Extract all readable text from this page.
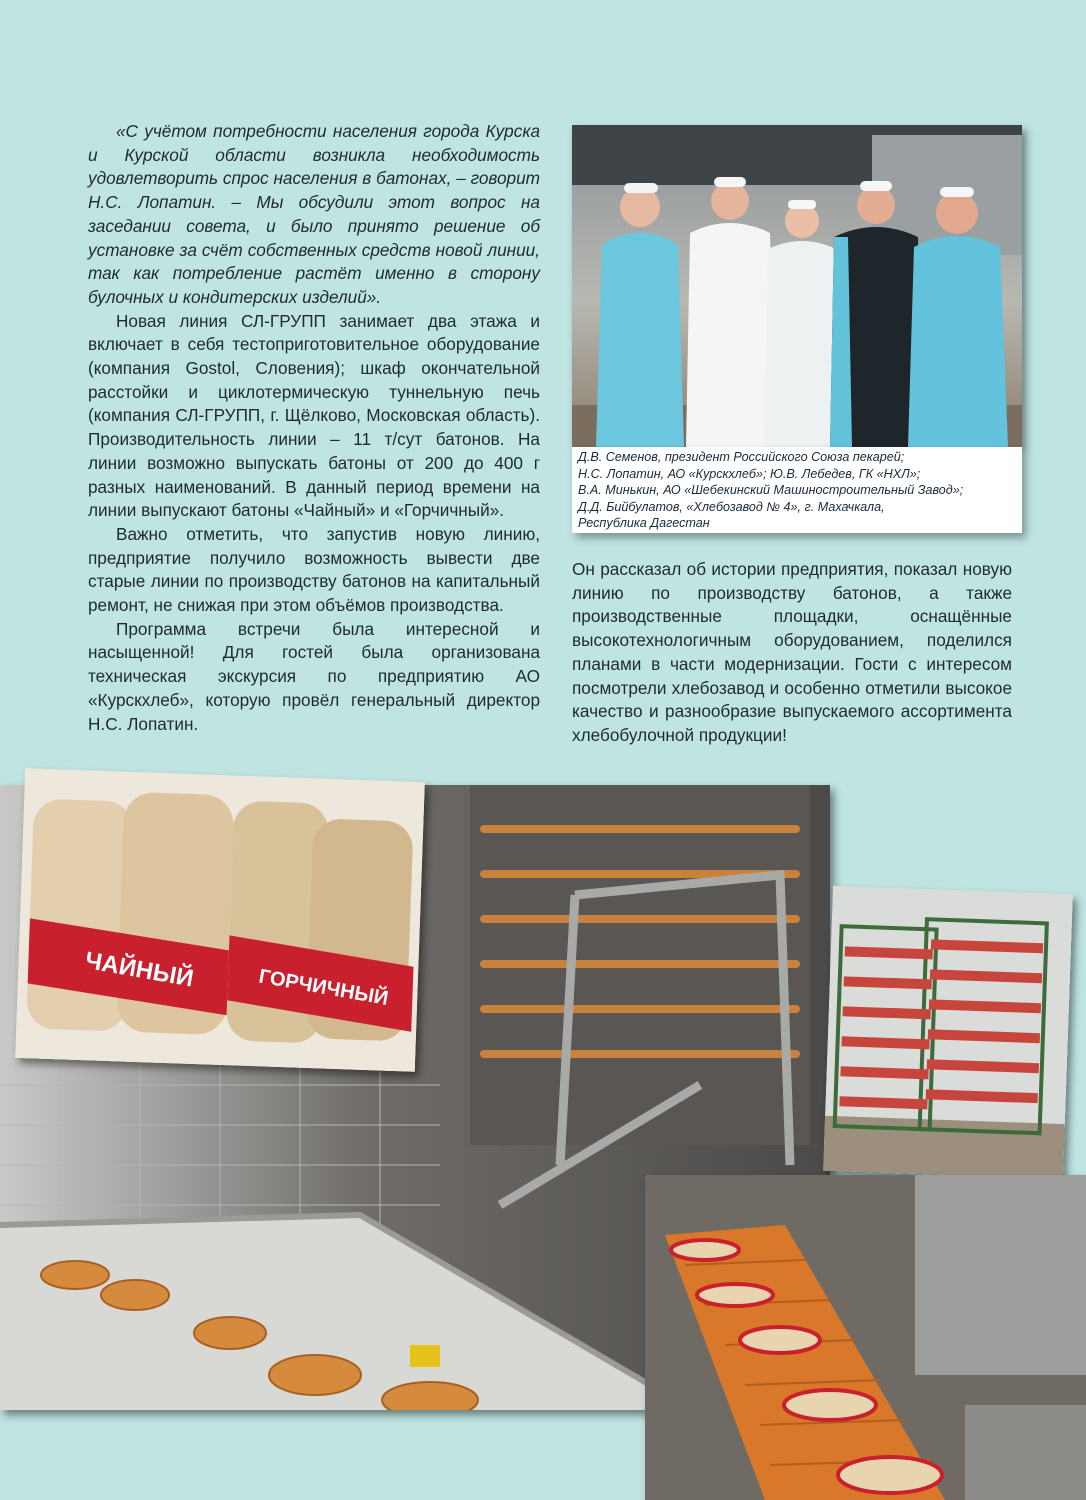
«С учётом потребности населения города Курска и Курской области возникла необходимость удовлетворить спрос населения в батонах, – говорит Н.С. Лопатин. – Мы обсудили этот вопрос на заседании совета, и было принято решение об установке за счёт собственных средств новой линии, так как потребление растёт именно в сторону булочных и кондитерских изделий».

Новая линия СЛ-ГРУПП занимает два этажа и включает в себя тестоприготовительное оборудование (компания Gostol, Словения); шкаф окончательной расстойки и циклотермическую туннельную печь (компания СЛ-ГРУПП, г. Щёлково, Московская область). Производительность линии – 11 т/сут батонов. На линии возможно выпускать батоны от 200 до 400 г разных наименований. В данный период времени на линии выпускают батоны «Чайный» и «Горчичный».

Важно отметить, что запустив новую линию, предприятие получило возможность вывести две старые линии по производству батонов на капитальный ремонт, не снижая при этом объёмов производства.

Программа встречи была интересной и насыщенной! Для гостей была организована техническая экскурсия по предприятию АО «Курскхлеб», которую провёл генеральный директор Н.С. Лопатин.

Д.В. Семенов, президент Российского Союза пекарей;
Н.С. Лопатин, АО «Курскхлеб»; Ю.В. Лебедев, ГК «НХЛ»;
В.А. Минькин, АО «Шебекинский Машиностроительный Завод»;
Д.Д. Бийбулатов, «Хлебозавод № 4», г. Махачкала,
Республика Дагестан

Он рассказал об истории предприятия, показал новую линию по производству батонов, а также производственные площадки, оснащённые высокотехнологичным оборудованием, поделился планами в части модернизации. Гости с интересом посмотрели хлебозавод и особенно отметили высокое качество и разнообразие выпускаемого ассортимента хлебобулочной продукции!

ЧАЙНЫЙ	ГОРЧИЧНЫЙ
